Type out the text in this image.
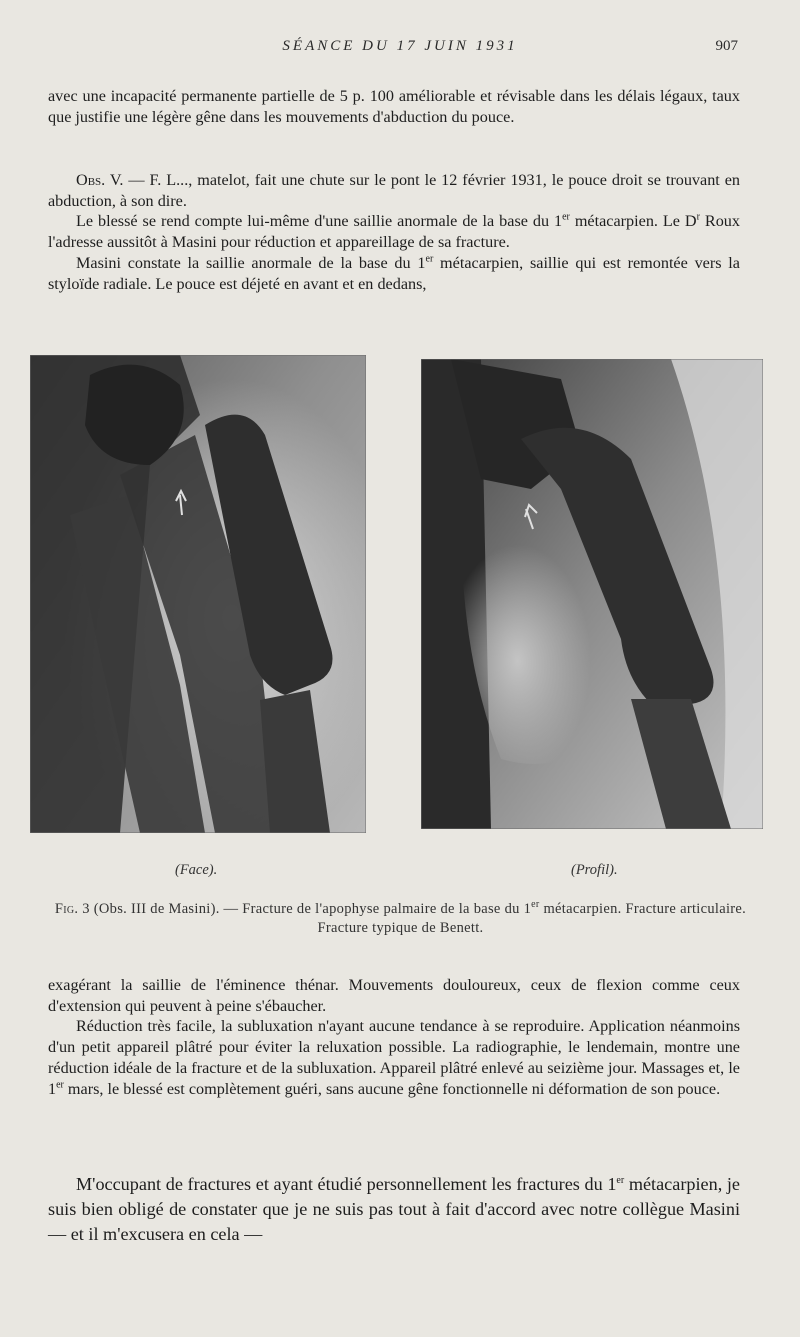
SÉANCE DU 17 JUIN 1931	907

avec une incapacité permanente partielle de 5 p. 100 améliorable et révisable dans les délais légaux, taux que justifie une légère gêne dans les mouvements d'abduction du pouce.

Obs. V. — F. L..., matelot, fait une chute sur le pont le 12 février 1931, le pouce droit se trouvant en abduction, à son dire.

Le blessé se rend compte lui-même d'une saillie anormale de la base du 1er métacarpien. Le $D^r$ Roux l'adresse aussitôt à Masini pour réduction et appareillage de sa fracture.

Masini constate la saillie anormale de la base du 1er métacarpien, saillie qui est remontée vers la styloïde radiale. Le pouce est déjeté en avant et en dedans,

(Face).	(Profil).
Fig. 3 (Obs. III de Masini). — Fracture de l'apophyse palmaire de la base du 1er métacarpien. Fracture articulaire. Fracture typique de Benett.

exagérant la saillie de l'éminence thénar. Mouvements douloureux, ceux de flexion comme ceux d'extension qui peuvent à peine s'ébaucher.

Réduction très facile, la subluxation n'ayant aucune tendance à se reproduire. Application néanmoins d'un petit appareil plâtré pour éviter la reluxation possible. La radiographie, le lendemain, montre une réduction idéale de la fracture et de la subluxation. Appareil plâtré enlevé au seizième jour. Massages et, le 1er mars, le blessé est complètement guéri, sans aucune gêne fonctionnelle ni déformation de son pouce.

M'occupant de fractures et ayant étudié personnellement les fractures du 1er métacarpien, je suis bien obligé de constater que je ne suis pas tout à fait d'accord avec notre collègue Masini — et il m'excusera en cela —
